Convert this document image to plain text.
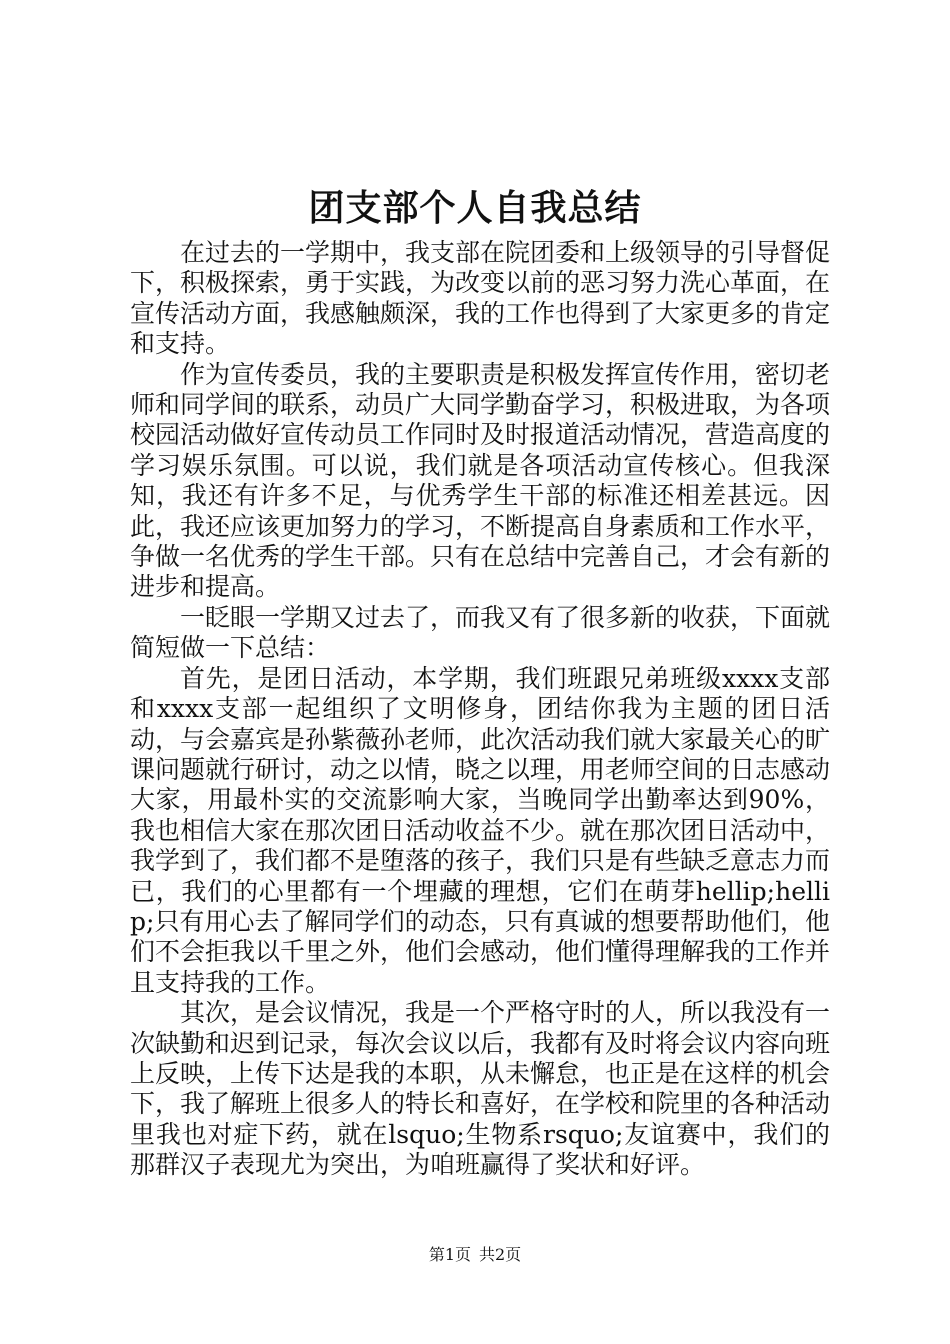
团支部个人自我总结

在过去的一学期中，我支部在院团委和上级领导的引导督促下，积极探索，勇于实践，为改变以前的恶习努力洗心革面，在宣传活动方面，我感触颇深，我的工作也得到了大家更多的肯定和支持。

作为宣传委员，我的主要职责是积极发挥宣传作用，密切老师和同学间的联系，动员广大同学勤奋学习，积极进取，为各项校园活动做好宣传动员工作同时及时报道活动情况，营造高度的学习娱乐氛围。可以说，我们就是各项活动宣传核心。但我深知，我还有许多不足，与优秀学生干部的标准还相差甚远。因此，我还应该更加努力的学习，不断提高自身素质和工作水平，争做一名优秀的学生干部。只有在总结中完善自己，才会有新的进步和提高。

一眨眼一学期又过去了，而我又有了很多新的收获，下面就简短做一下总结：

首先，是团日活动，本学期，我们班跟兄弟班级xxxx支部和xxxx支部一起组织了文明修身，团结你我为主题的团日活动，与会嘉宾是孙紫薇孙老师，此次活动我们就大家最关心的旷课问题就行研讨，动之以情，晓之以理，用老师空间的日志感动大家，用最朴实的交流影响大家，当晚同学出勤率达到90%，我也相信大家在那次团日活动收益不少。就在那次团日活动中，我学到了，我们都不是堕落的孩子，我们只是有些缺乏意志力而已，我们的心里都有一个埋藏的理想，它们在萌芽hellip;hellip;只有用心去了解同学们的动态，只有真诚的想要帮助他们，他们不会拒我以千里之外，他们会感动，他们懂得理解我的工作并且支持我的工作。

其次，是会议情况，我是一个严格守时的人，所以我没有一次缺勤和迟到记录，每次会议以后，我都有及时将会议内容向班上反映，上传下达是我的本职，从未懈怠，也正是在这样的机会下，我了解班上很多人的特长和喜好，在学校和院里的各种活动里我也对症下药，就在lsquo;生物系rsquo;友谊赛中，我们的那群汉子表现尤为突出，为咱班赢得了奖状和好评。

第1页 共2页
